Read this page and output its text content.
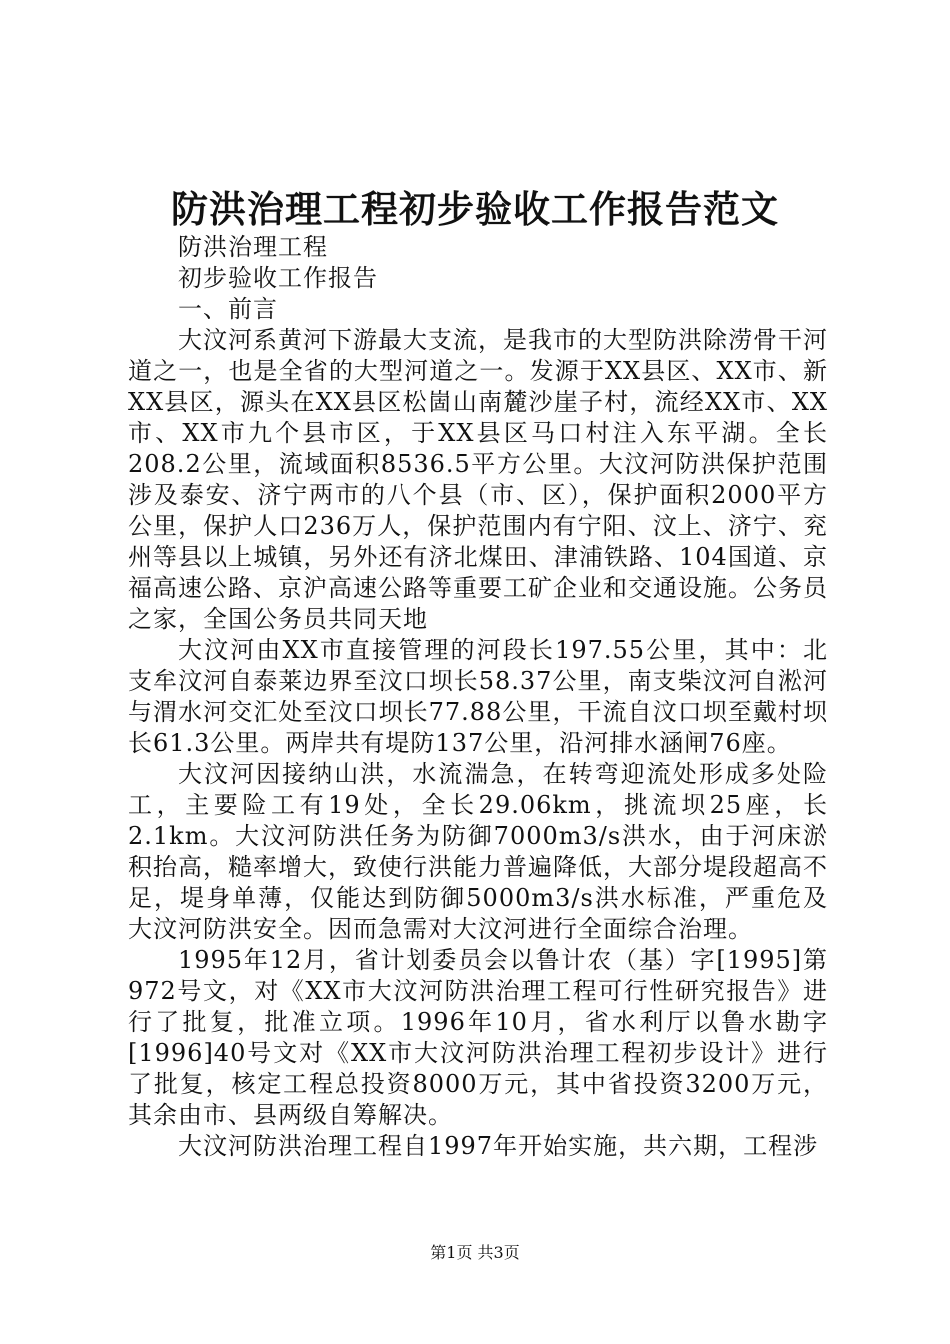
防洪治理工程初步验收工作报告范文

防洪治理工程

初步验收工作报告

一、前言

大汶河系黄河下游最大支流，是我市的大型防洪除涝骨干河道之一，也是全省的大型河道之一。发源于XX县区、XX市、新XX县区，源头在XX县区松崮山南麓沙崖子村，流经XX市、XX市、XX市九个县市区，于XX县区马口村注入东平湖。全长208.2公里，流域面积8536.5平方公里。大汶河防洪保护范围涉及泰安、济宁两市的八个县（市、区），保护面积2000平方公里，保护人口236万人，保护范围内有宁阳、汶上、济宁、兖州等县以上城镇，另外还有济北煤田、津浦铁路、104国道、京福高速公路、京沪高速公路等重要工矿企业和交通设施。公务员之家，全国公务员共同天地

大汶河由XX市直接管理的河段长197.55公里，其中：北支牟汶河自泰莱边界至汶口坝长58.37公里，南支柴汶河自淞河与渭水河交汇处至汶口坝长77.88公里，干流自汶口坝至戴村坝长61.3公里。两岸共有堤防137公里，沿河排水涵闸76座。

大汶河因接纳山洪，水流湍急，在转弯迎流处形成多处险工，主要险工有19处，全长29.06km，挑流坝25座，长2.1km。大汶河防洪任务为防御7000m3/s洪水，由于河床淤积抬高，糙率增大，致使行洪能力普遍降低，大部分堤段超高不足，堤身单薄，仅能达到防御5000m3/s洪水标准，严重危及大汶河防洪安全。因而急需对大汶河进行全面综合治理。

1995年12月，省计划委员会以鲁计农（基）字[1995]第972号文，对《XX市大汶河防洪治理工程可行性研究报告》进行了批复，批准立项。1996年10月，省水利厅以鲁水勘字[1996]40号文对《XX市大汶河防洪治理工程初步设计》进行了批复，核定工程总投资8000万元，其中省投资3200万元，其余由市、县两级自筹解决。

大汶河防洪治理工程自1997年开始实施，共六期，工程涉

第1页 共3页
